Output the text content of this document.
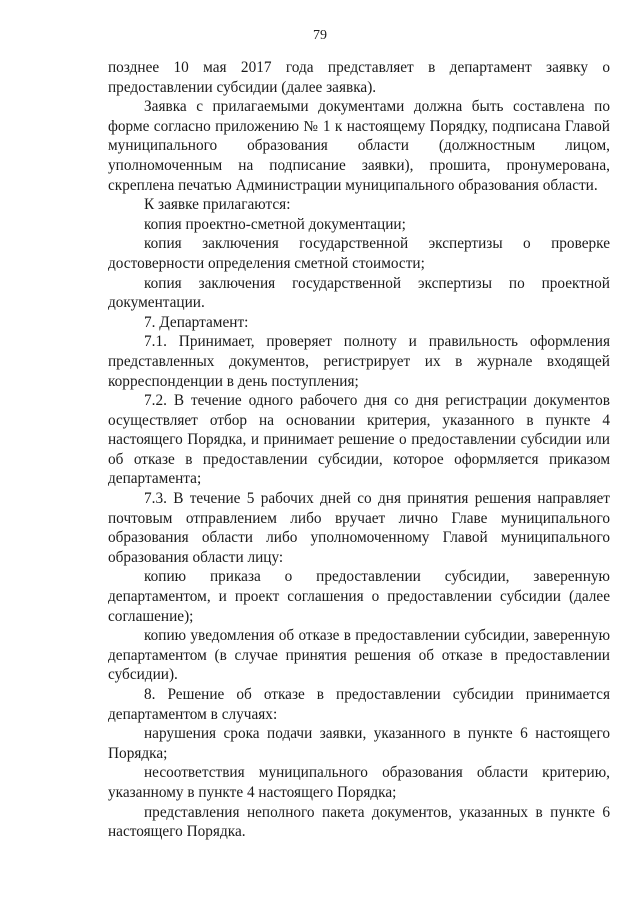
79

позднее 10 мая 2017 года представляет в департамент заявку о предоставлении субсидии (далее заявка).

Заявка с прилагаемыми документами должна быть составлена по форме согласно приложению № 1 к настоящему Порядку, подписана Главой муниципального образования области (должностным лицом, уполномоченным на подписание заявки), прошита, пронумерована, скреплена печатью Администрации муниципального образования области.

К заявке прилагаются:

копия проектно-сметной документации;

копия заключения государственной экспертизы о проверке достоверности определения сметной стоимости;

копия заключения государственной экспертизы по проектной документации.

7. Департамент:

7.1. Принимает, проверяет полноту и правильность оформления представленных документов, регистрирует их в журнале входящей корреспонденции в день поступления;

7.2. В течение одного рабочего дня со дня регистрации документов осуществляет отбор на основании критерия, указанного в пункте 4 настоящего Порядка, и принимает решение о предоставлении субсидии или об отказе в предоставлении субсидии, которое оформляется приказом департамента;

7.3. В течение 5 рабочих дней со дня принятия решения направляет почтовым отправлением либо вручает лично Главе муниципального образования области либо уполномоченному Главой муниципального образования области лицу:

копию приказа о предоставлении субсидии, заверенную департаментом, и проект соглашения о предоставлении субсидии (далее соглашение);

копию уведомления об отказе в предоставлении субсидии, заверенную департаментом (в случае принятия решения об отказе в предоставлении субсидии).

8. Решение об отказе в предоставлении субсидии принимается департаментом в случаях:

нарушения срока подачи заявки, указанного в пункте 6 настоящего Порядка;

несоответствия муниципального образования области критерию, указанному в пункте 4 настоящего Порядка;

представления неполного пакета документов, указанных в пункте 6 настоящего Порядка.
